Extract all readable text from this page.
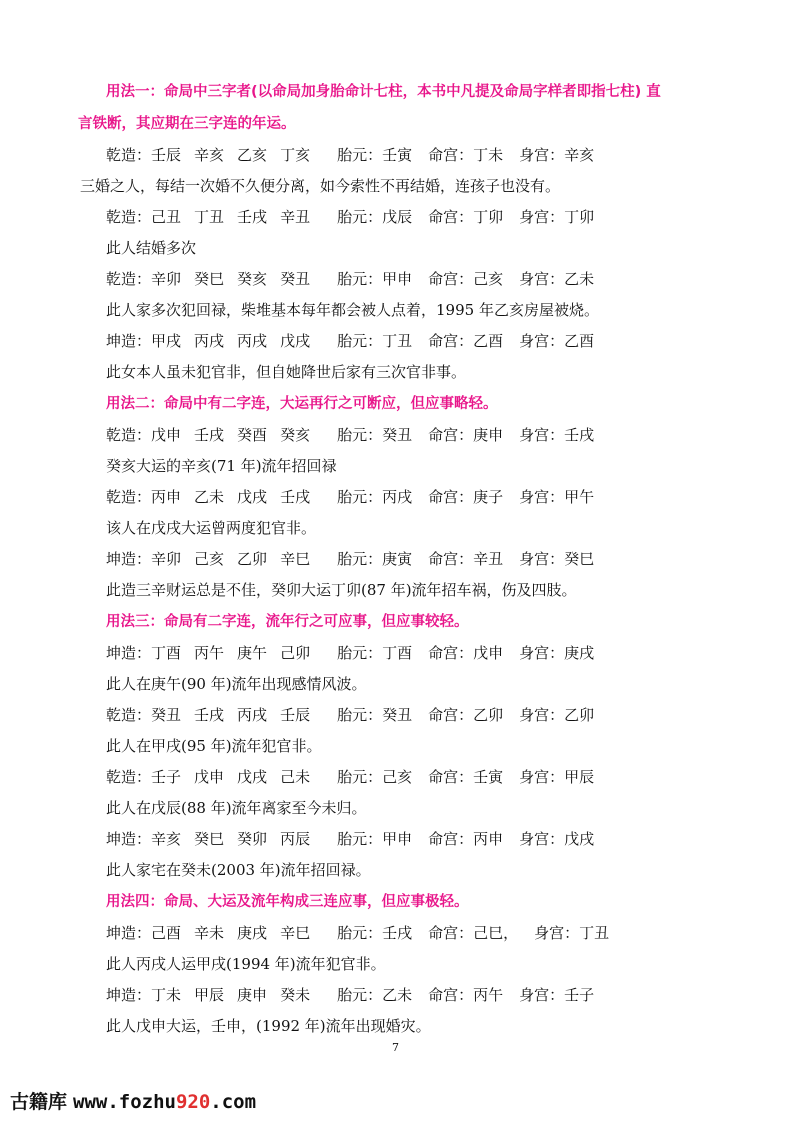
用法一：命局中三字者(以命局加身胎命计七柱，本书中凡提及命局字样者即指七柱) 直
言铁断，其应期在三字连的年运。
乾造：壬辰 辛亥 乙亥 丁亥 胎元：壬寅 命宫：丁未 身宫：辛亥
三婚之人，每结一次婚不久便分离，如今索性不再结婚，连孩子也没有。
乾造：己丑 丁丑 壬戌 辛丑 胎元：戊辰 命宫：丁卯 身宫：丁卯
此人结婚多次
乾造：辛卯 癸巳 癸亥 癸丑 胎元：甲申 命宫：己亥 身宫：乙未
此人家多次犯回禄，柴堆基本每年都会被人点着，1995 年乙亥房屋被烧。
坤造：甲戌 丙戌 丙戌 戊戌 胎元：丁丑 命宫：乙酉 身宫：乙酉
此女本人虽未犯官非，但自她降世后家有三次官非事。
用法二：命局中有二字连，大运再行之可断应，但应事略轻。
乾造：戊申 壬戌 癸酉 癸亥 胎元：癸丑 命宫：庚申 身宫：壬戌
癸亥大运的辛亥(71 年)流年招回禄
乾造：丙申 乙未 戊戌 壬戌 胎元：丙戌 命宫：庚子 身宫：甲午
该人在戊戌大运曾两度犯官非。
坤造：辛卯 己亥 乙卯 辛巳 胎元：庚寅 命宫：辛丑 身宫：癸巳
此造三辛财运总是不佳，癸卯大运丁卯(87 年)流年招车祸，伤及四肢。
用法三：命局有二字连，流年行之可应事，但应事较轻。
坤造：丁酉 丙午 庚午 己卯 胎元：丁酉 命宫：戊申 身宫：庚戌
此人在庚午(90 年)流年出现感情风波。
乾造：癸丑 壬戌 丙戌 壬辰 胎元：癸丑 命宫：乙卯 身宫：乙卯
此人在甲戌(95 年)流年犯官非。
乾造：壬子 戊申 戊戌 己未 胎元：己亥 命宫：壬寅 身宫：甲辰
此人在戊辰(88 年)流年离家至今未归。
坤造：辛亥 癸巳 癸卯 丙辰 胎元：甲申 命宫：丙申 身宫：戊戌
此人家宅在癸未(2003 年)流年招回禄。
用法四：命局、大运及流年构成三连应事，但应事极轻。
坤造：己酉 辛未 庚戌 辛巳 胎元：壬戌 命宫：己巳， 身宫：丁丑
此人丙戌人运甲戌(1994 年)流年犯官非。
坤造：丁未 甲辰 庚申 癸未 胎元：乙未 命宫：丙午 身宫：壬子
此人戊申大运，壬申，(1992 年)流年出现婚灾。
7
古籍库 www.fozhu920.com
